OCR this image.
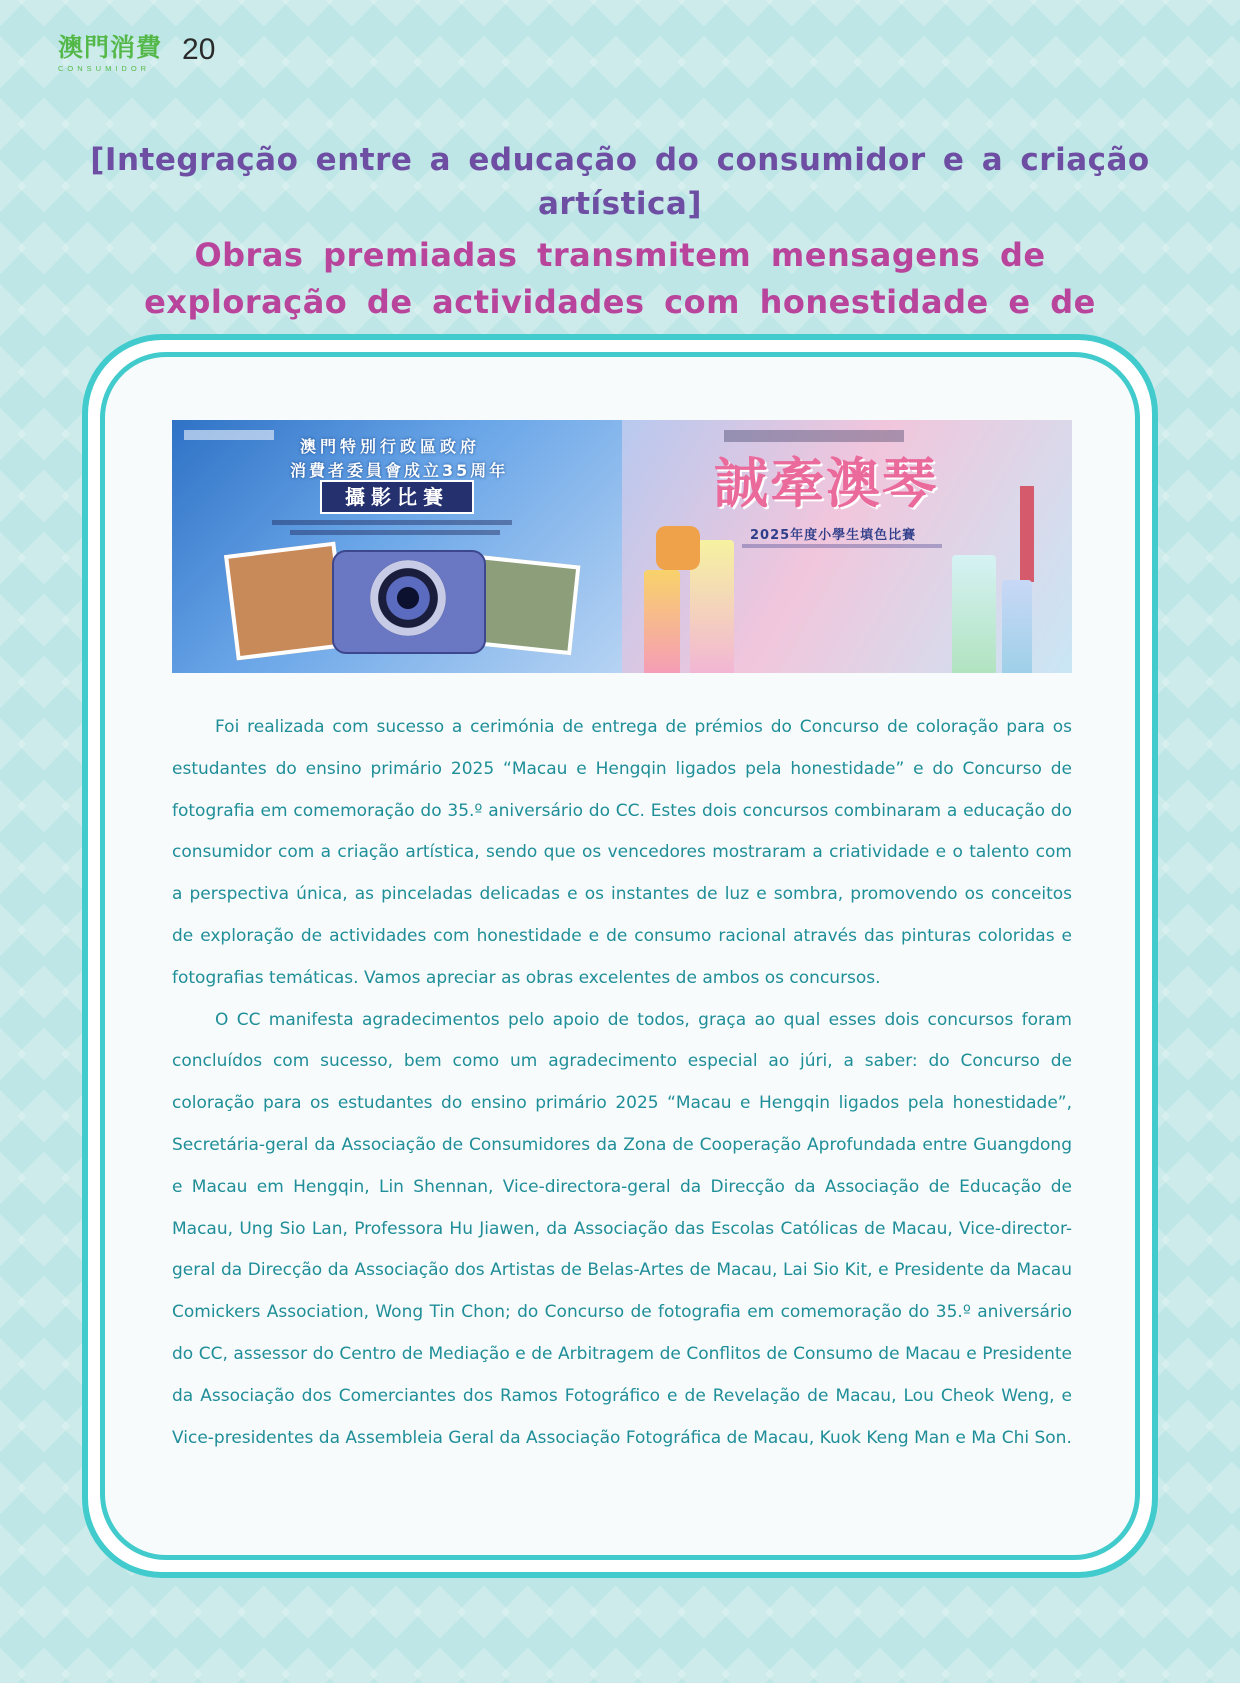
澳門消費
CONSUMIDOR
20
[Integração entre a educação do consumidor e a criação artística]
Obras premiadas transmitem mensagens de exploração de actividades com honestidade e de
澳門特別行政區政府
消費者委員會成立35周年
攝影比賽	誠牽澳琴
2025年度小學生填色比賽

Foi realizada com sucesso a cerimónia de entrega de prémios do Concurso de coloração para os estudantes do ensino primário 2025 “Macau e Hengqin ligados pela honestidade” e do Concurso de fotografia em comemoração do 35.º aniversário do CC. Estes dois concursos combinaram a educação do consumidor com a criação artística, sendo que os vencedores mostraram a criatividade e o talento com a perspectiva única, as pinceladas delicadas e os instantes de luz e sombra, promovendo os conceitos de exploração de actividades com honestidade e de consumo racional através das pinturas coloridas e fotografias temáticas. Vamos apreciar as obras excelentes de ambos os concursos.

O CC manifesta agradecimentos pelo apoio de todos, graça ao qual esses dois concursos foram concluídos com sucesso, bem como um agradecimento especial ao júri, a saber: do Concurso de coloração para os estudantes do ensino primário 2025 “Macau e Hengqin ligados pela honestidade”, Secretária-geral da Associação de Consumidores da Zona de Cooperação Aprofundada entre Guangdong e Macau em Hengqin, Lin Shennan, Vice-directora-geral da Direcção da Associação de Educação de Macau, Ung Sio Lan, Professora Hu Jiawen, da Associação das Escolas Católicas de Macau, Vice-director-geral da Direcção da Associação dos Artistas de Belas-Artes de Macau, Lai Sio Kit, e Presidente da Macau Comickers Association, Wong Tin Chon; do Concurso de fotografia em comemoração do 35.º aniversário do CC, assessor do Centro de Mediação e de Arbitragem de Conflitos de Consumo de Macau e Presidente da Associação dos Comerciantes dos Ramos Fotográfico e de Revelação de Macau, Lou Cheok Weng, e Vice-presidentes da Assembleia Geral da Associação Fotográfica de Macau, Kuok Keng Man e Ma Chi Son.
